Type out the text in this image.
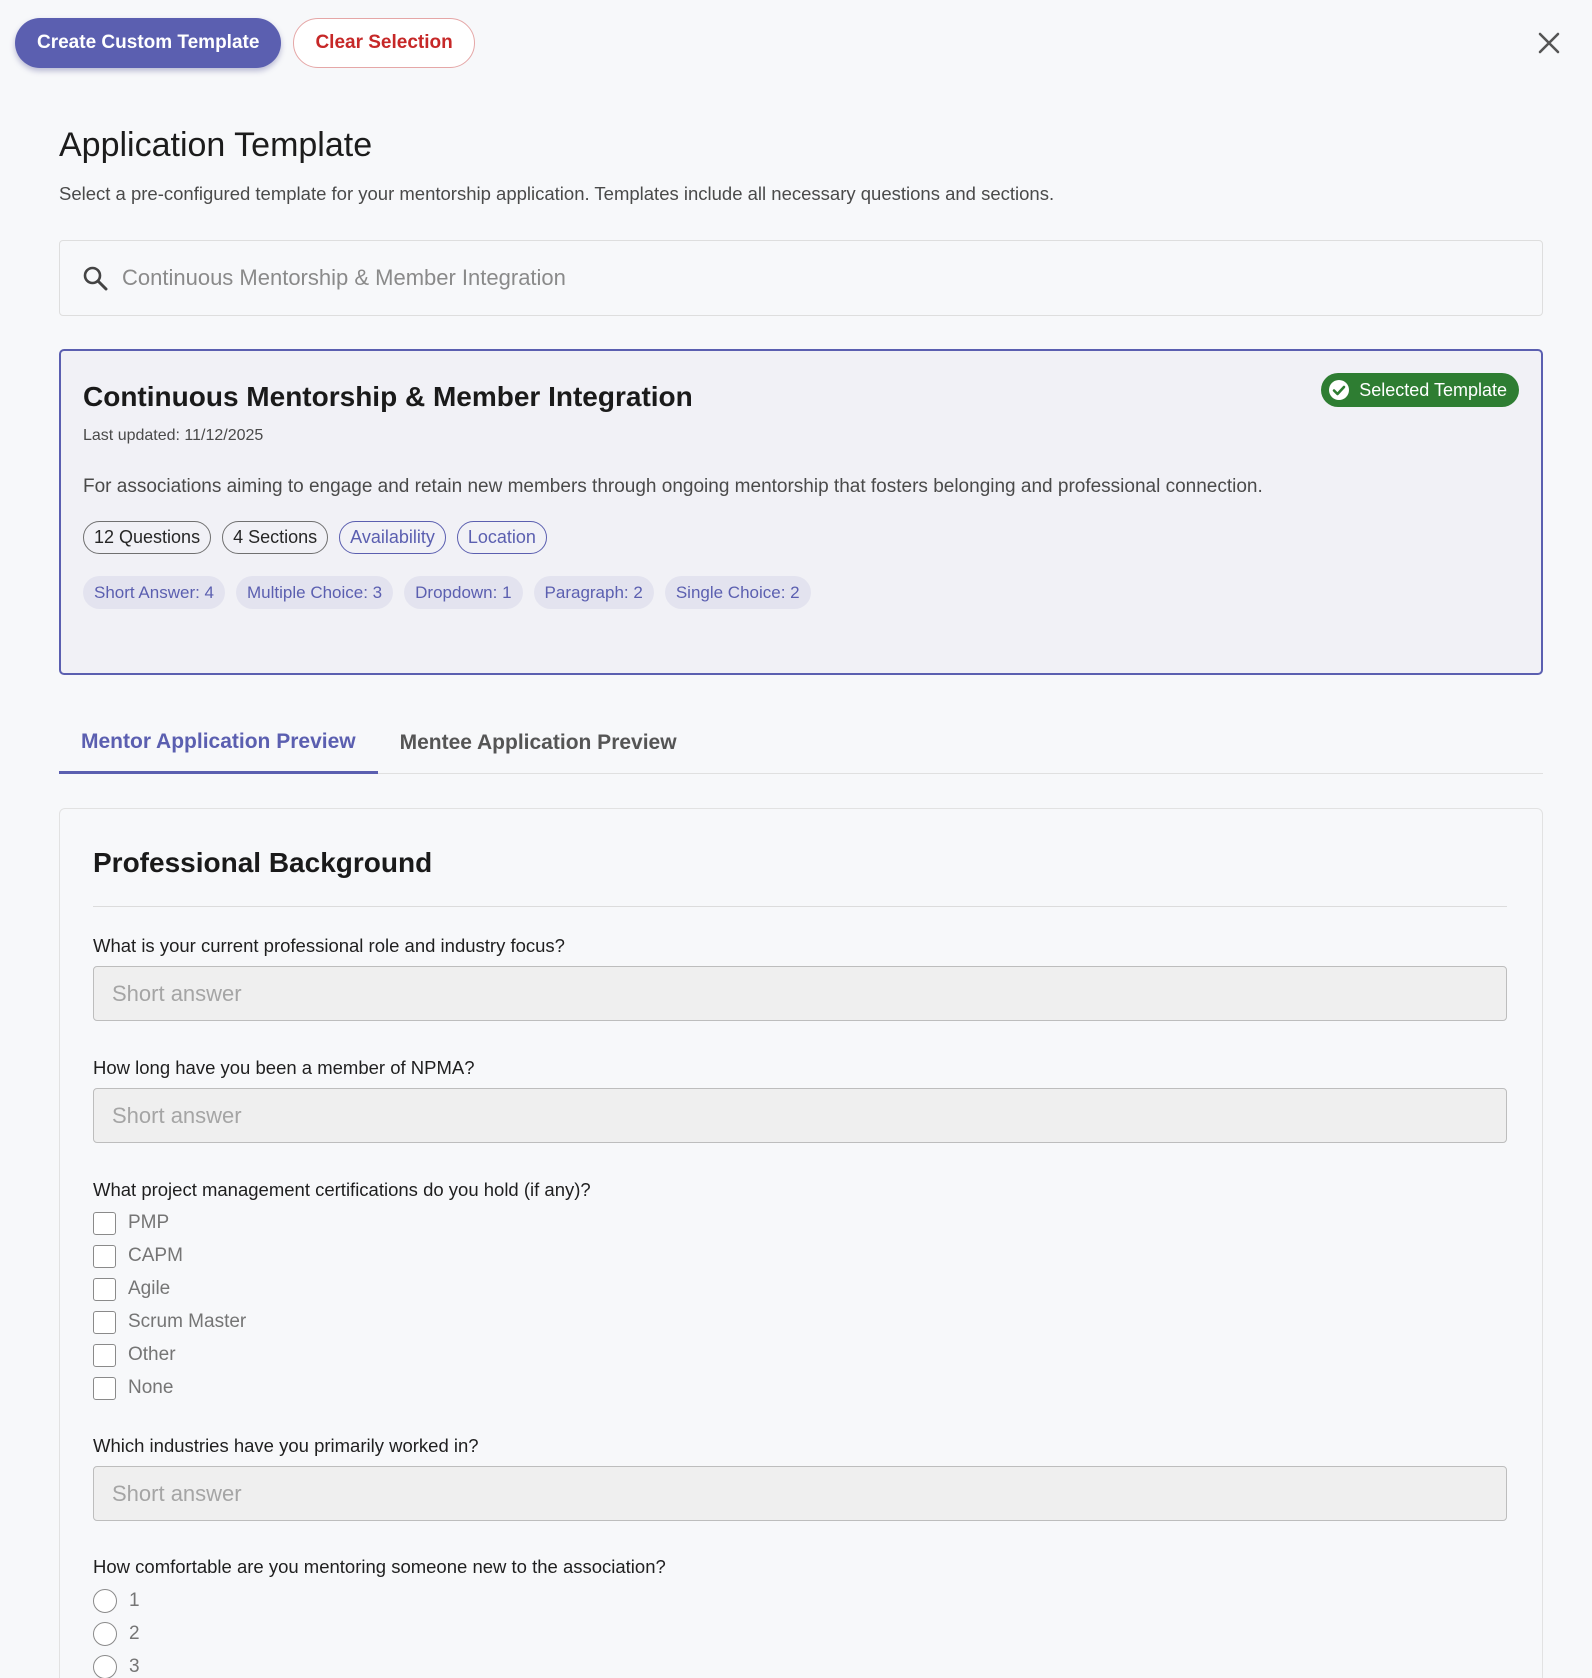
Create Custom Template	Clear Selection
Application Template

Select a pre-configured template for your mentorship application. Templates include all necessary questions and sections.

Continuous Mentorship & Member Integration
Continuous Mentorship & Member Integration
Last updated: 11/12/2025
For associations aiming to engage and retain new members through ongoing mentorship that fosters belonging and professional connection.
Selected Template
12 Questions	4 Sections	Availability	Location
Short Answer: 4	Multiple Choice: 3	Dropdown: 1	Paragraph: 2	Single Choice: 2
Mentor Application Preview	Mentee Application Preview
Professional Background
What is your current professional role and industry focus?
Short answer
How long have you been a member of NPMA?
Short answer
What project management certifications do you hold (if any)?
PMP
CAPM
Agile
Scrum Master
Other
None
Which industries have you primarily worked in?
Short answer
How comfortable are you mentoring someone new to the association?
1
2
3
